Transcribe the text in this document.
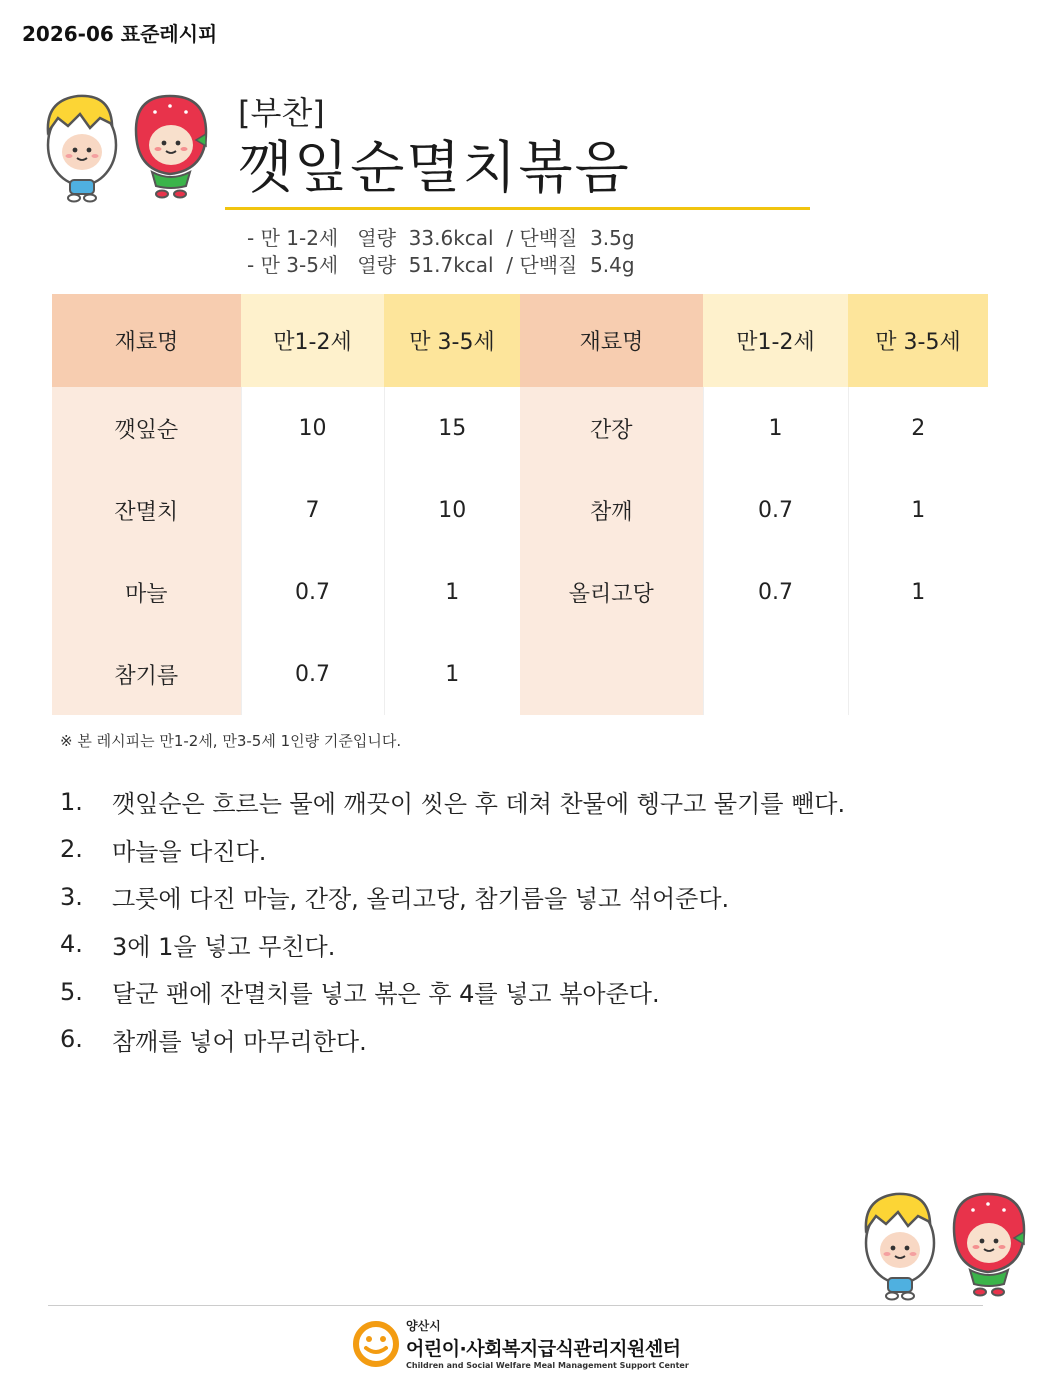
2026-06 표준레시피
[부찬]
깻잎순멸치볶음
- 만 1-2세   열량  33.6kcal  / 단백질  3.5g
- 만 3-5세   열량  51.7kcal  / 단백질  5.4g
재료명	만1-2세	만 3-5세	재료명	만1-2세	만 3-5세
깻잎순	10	15	간장	1	2
잔멸치	7	10	참깨	0.7	1
마늘	0.7	1	올리고당	0.7	1
참기름	0.7	1			
※ 본 레시피는 만1-2세, 만3-5세 1인량 기준입니다.
1.	깻잎순은 흐르는 물에 깨끗이 씻은 후 데쳐 찬물에 헹구고 물기를 뺀다.
2.	마늘을 다진다.
3.	그릇에 다진 마늘, 간장, 올리고당, 참기름을 넣고 섞어준다.
4.	3에 1을 넣고 무친다.
5.	달군 팬에 잔멸치를 넣고 볶은 후 4를 넣고 볶아준다.
6.	참깨를 넣어 마무리한다.
양산시
어린이·사회복지급식관리지원센터
Children and Social Welfare Meal Management Support Center
